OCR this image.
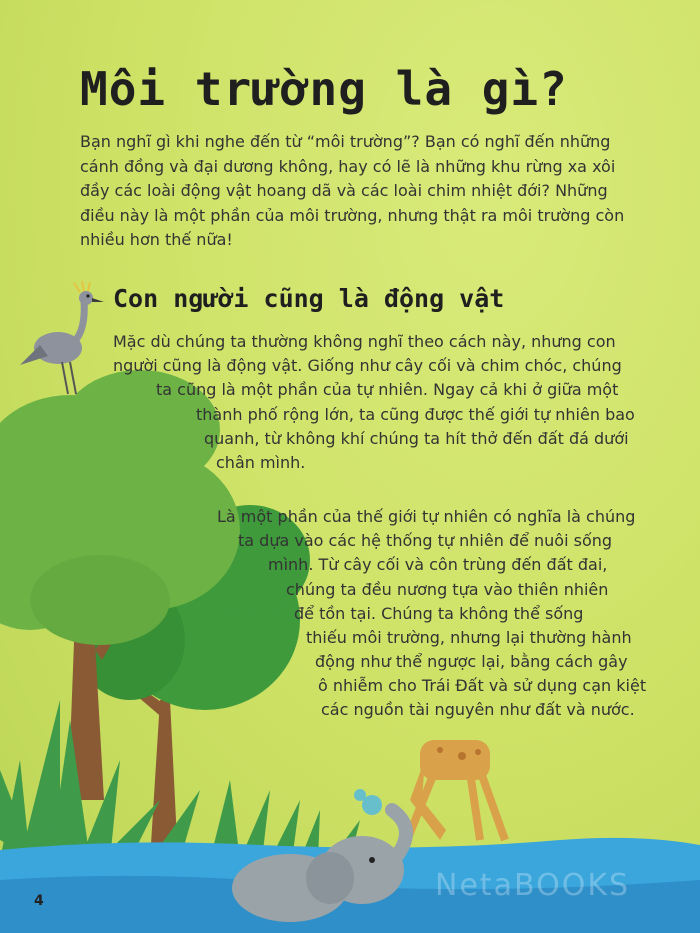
Môi trường là gì?

Bạn nghĩ gì khi nghe đến từ “môi trường”? Bạn có nghĩ đến những cánh đồng và đại dương không, hay có lẽ là những khu rừng xa xôi đầy các loài động vật hoang dã và các loài chim nhiệt đới? Những điều này là một phần của môi trường, nhưng thật ra môi trường còn nhiều hơn thế nữa!

Con người cũng là động vật

Mặc dù chúng ta thường không nghĩ theo cách này, nhưng con

người cũng là động vật. Giống như cây cối và chim chóc, chúng

ta cũng là một phần của tự nhiên. Ngay cả khi ở giữa một

thành phố rộng lớn, ta cũng được thế giới tự nhiên bao

quanh, từ không khí chúng ta hít thở đến đất đá dưới

chân mình.

Là một phần của thế giới tự nhiên có nghĩa là chúng

ta dựa vào các hệ thống tự nhiên để nuôi sống

mình. Từ cây cối và côn trùng đến đất đai,

chúng ta đều nương tựa vào thiên nhiên

để tồn tại. Chúng ta không thể sống

thiếu môi trường, nhưng lại thường hành

động như thể ngược lại, bằng cách gây

ô nhiễm cho Trái Đất và sử dụng cạn kiệt

các nguồn tài nguyên như đất và nước.

4	NetaBOOKS
